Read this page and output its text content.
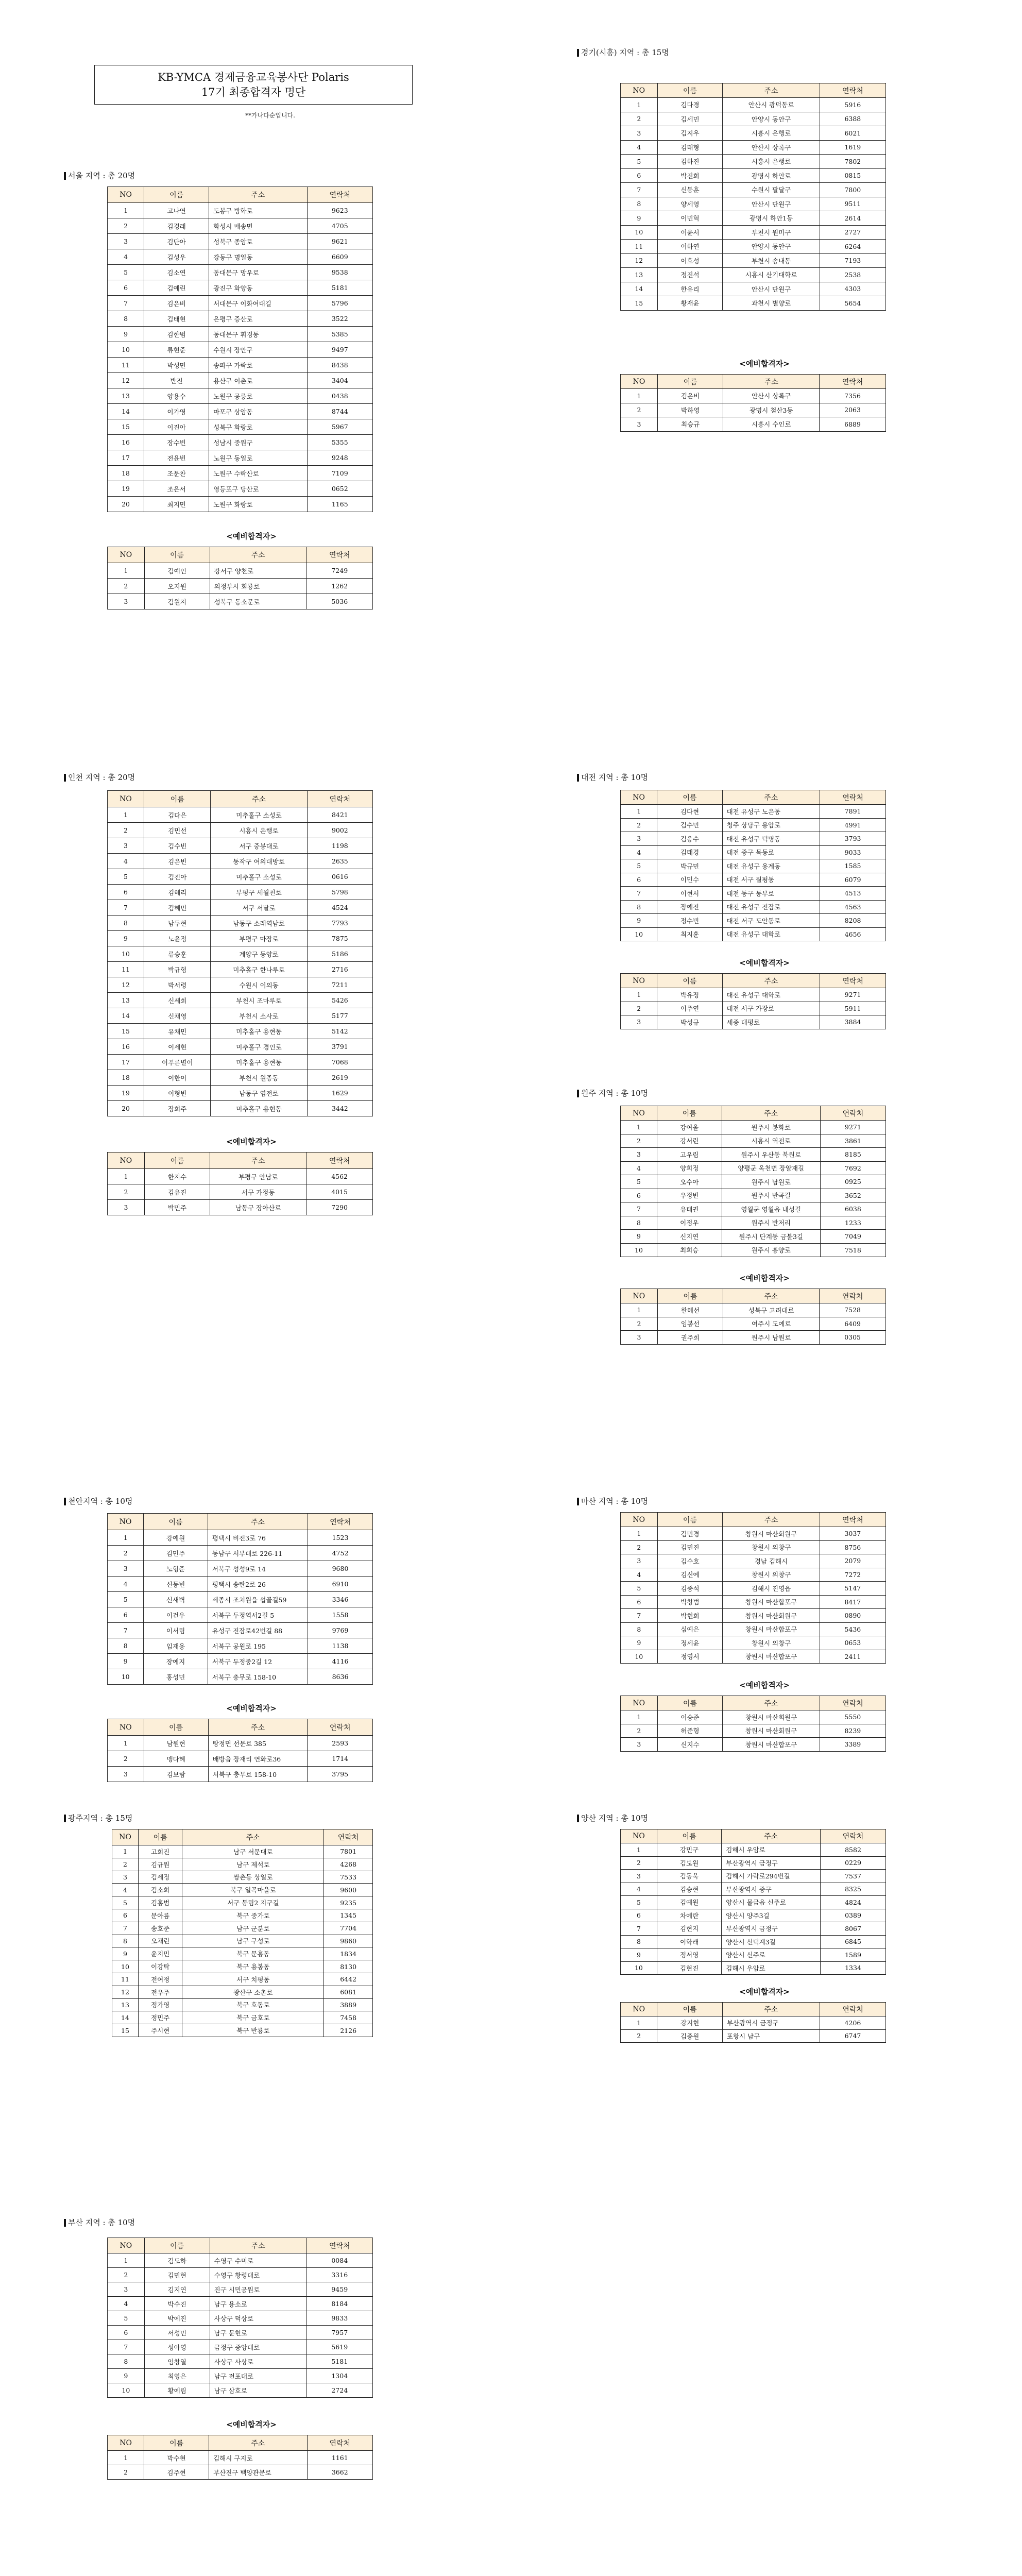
KB-YMCA 경제금융교육봉사단 Polaris
17기 최종합격자 명단
**가나다순입니다.
서울 지역 : 총 20명
NO	이름	주소	연락처
1	고나연	도봉구 방학로	9623
2	김경래	화성시 매송면	4705
3	김단아	성북구 종암로	9621
4	김성우	강동구 명일동	6609
5	김소연	동대문구 망우로	9538
6	김예린	광진구 화양동	5181
7	김은비	서대문구 이화여대길	5796
8	김태현	은평구 증산로	3522
9	김한범	동대문구 휘경동	5385
10	류현준	수원시 장안구	9497
11	박성민	송파구 가락로	8438
12	반진	용산구 이촌로	3404
13	양용수	노원구 공릉로	0438
14	이가영	마포구 상암동	8744
15	이진아	성북구 화랑로	5967
16	장수빈	성남시 중원구	5355
17	전윤빈	노원구 동일로	9248
18	조문찬	노원구 수락산로	7109
19	조은서	영등포구 당산로	0652
20	최지민	노원구 화랑로	1165
경기(시흥) 지역 : 총 15명
NO	이름	주소	연락처
1	김다경	안산시 광덕동로	5916
2	김세민	안양시 동안구	6388
3	김지우	시흥시 은행로	6021
4	김태형	안산시 상록구	1619
5	김하진	시흥시 은행로	7802
6	박진희	광명시 하안로	0815
7	신동훈	수원시 팔달구	7800
8	양세영	안산시 단원구	9511
9	이민혁	광명시 하안1동	2614
10	이윤서	부천시 원미구	2727
11	이하연	안양시 동안구	6264
12	이호성	부천시 송내동	7193
13	정진석	시흥시 산기대학로	2538
14	한유리	안산시 단원구	4303
15	황재윤	과천시 별양로	5654
인천 지역 : 총 20명
NO	이름	주소	연락처
1	김다은	미추홀구 소성로	8421
2	김민선	시흥시 은행로	9002
3	김수빈	서구 중봉대로	1198
4	김은빈	동작구 여의대방로	2635
5	김진아	미추홀구 소성로	0616
6	김혜리	부평구 세월천로	5798
7	김혜민	서구 서달로	4524
8	남두현	남동구 소래역남로	7793
9	노윤정	부평구 마장로	7875
10	류승훈	계양구 동양로	5186
11	박규형	미추홀구 한나루로	2716
12	박서령	수원시 이의동	7211
13	신세희	부천시 조마루로	5426
14	신채영	부천시 소사로	5177
15	유채민	미추홀구 용현동	5142
16	이세현	미추홀구 경인로	3791
17	이푸른별이	미추홀구 용현동	7068
18	이한이	부천시 원종동	2619
19	이형빈	남동구 염전로	1629
20	장희주	미추홀구 용현동	3442
대전 지역 : 총 10명
NO	이름	주소	연락처
1	김다현	대전 유성구 노은동	7891
2	김수민	청주 상당구 용암로	4991
3	김응수	대전 유성구 덕명동	3793
4	김태경	대전 중구 목동로	9033
5	박규민	대전 유성구 용계동	1585
6	이민수	대전 서구 월평동	6079
7	이현서	대전 동구 동부로	4513
8	장예진	대전 유성구 진잠로	4563
9	정수빈	대전 서구 도안동로	8208
10	최지훈	대전 유성구 대학로	4656
원주 지역 : 총 10명
NO	이름	주소	연락처
1	강여울	원주시 봉화로	9271
2	강서린	시흥시 역전로	3861
3	고우림	원주시 우산동 북원로	8185
4	양희정	양평군 옥천면 장알재길	7692
5	오수아	원주시 남원로	0925
6	우정빈	원주시 반곡길	3652
7	유태권	영월군 영월읍 내성길	6038
8	이정우	원주시 반저리	1233
9	신지연	원주시 단계동 금불3길	7049
10	최희승	원주시 흥양로	7518
천안지역 : 총 10명
NO	이름	주소	연락처
1	강예원	평택시 비전3로 76	1523
2	김민주	동남구 서부대로 226-11	4752
3	노형준	서북구 성성9로 14	9680
4	신동빈	평택시 송탄2로 26	6910
5	신새벽	세종시 조치원읍 섭골길59	3346
6	이건우	서북구 두정역서2길 5	1558
7	이서림	유성구 진잠로42번길 88	9769
8	임재용	서북구 공원로 195	1138
9	장예지	서북구 두정중2길 12	4116
10	홍성민	서북구 충무로 158-10	8636
마산 지역 : 총 10명
NO	이름	주소	연락처
1	김민경	창원시 마산회원구	3037
2	김민진	창원시 의창구	8756
3	김수호	경남 김해시	2079
4	김신예	창원시 의창구	7272
5	김종석	김해시 진영읍	5147
6	박창범	창원시 마산합포구	8417
7	박현희	창원시 마산회원구	0890
8	심예은	창원시 마산합포구	5436
9	정세윤	창원시 의창구	0653
10	정영서	창원시 마산합포구	2411
광주지역 : 총 15명
NO	이름	주소	연락처
1	고희진	남구 서문대로	7801
2	김규원	남구 제석로	4268
3	김세정	쌍촌동 상일로	7533
4	김소희	북구 일곡마을로	9600
5	김홍범	서구 동림2 지구길	9235
6	문아름	북구 중가로	1345
7	송호준	남구 군분로	7704
8	오채린	남구 구성로	9860
9	윤지민	북구 문흥동	1834
10	이강탁	북구 용봉동	8130
11	전여정	서구 치평동	6442
12	전우주	광산구 소촌로	6081
13	정가영	북구 호동로	3889
14	정민주	북구 금호로	7458
15	주시현	북구 반룡로	2126
양산 지역 : 총 10명
NO	이름	주소	연락처
1	강민구	김해시 우암로	8582
2	김도원	부산광역시 금정구	0229
3	김동욱	김해시 가락로294번길	7537
4	김승현	부산광역시 중구	8325
5	김예원	양산시 물금읍 신주로	4824
6	차예란	양산시 양주3길	0389
7	김현지	부산광역시 금정구	8067
8	이학래	양산시 신덕계3길	6845
9	정서영	양산시 신주로	1589
10	김현진	김해시 우암로	1334
부산 지역 : 총 10명
NO	이름	주소	연락처
1	김도하	수영구 수미로	0084
2	김민현	수영구 황령대로	3316
3	김지연	진구 시민공원로	9459
4	박수진	남구 용소로	8184
5	박예진	사상구 덕상로	9833
6	서성민	남구 문현로	7957
7	성아영	금정구 중앙대로	5619
8	임창열	사상구 사상로	5181
9	최영은	남구 전포대로	1304
10	황예림	남구 삼호로	2724
<예비합격자>
NO	이름	주소	연락처
1	김예인	강서구 양천로	7249
2	오지원	의정부시 회룡로	1262
3	김원지	성북구 동소문로	5036
<예비합격자>
NO	이름	주소	연락처
1	김은비	안산시 상록구	7356
2	박하영	광명시 철산3동	2063
3	최승규	시흥시 수인로	6889
<예비합격자>
NO	이름	주소	연락처
1	한지수	부평구 안남로	4562
2	김유진	서구 가정동	4015
3	박민주	남동구 장아산로	7290
<예비합격자>
NO	이름	주소	연락처
1	박유정	대전 유성구 대학로	9271
2	이주연	대전 서구 가장로	5911
3	박성규	세종 대평로	3884
<예비합격자>
NO	이름	주소	연락처
1	한혜선	성북구 고려대로	7528
2	임봉선	여주시 도예로	6409
3	권주희	원주시 남원로	0305
<예비합격자>
NO	이름	주소	연락처
1	남원현	탕정면 선문로 385	2593
2	맹다혜	배방읍 장재리 연화로36	1714
3	김보람	서북구 충무로 158-10	3795
<예비합격자>
NO	이름	주소	연락처
1	이승준	창원시 마산회원구	5550
2	허준형	창원시 마산회원구	8239
3	신지수	창원시 마산합포구	3389
<예비합격자>
NO	이름	주소	연락처
1	강지현	부산광역시 금정구	4206
2	김종원	포항시 남구	6747
<예비합격자>
NO	이름	주소	연락처
1	박수현	김해시 구지로	1161
2	김주현	부산진구 백양관문로	3662
